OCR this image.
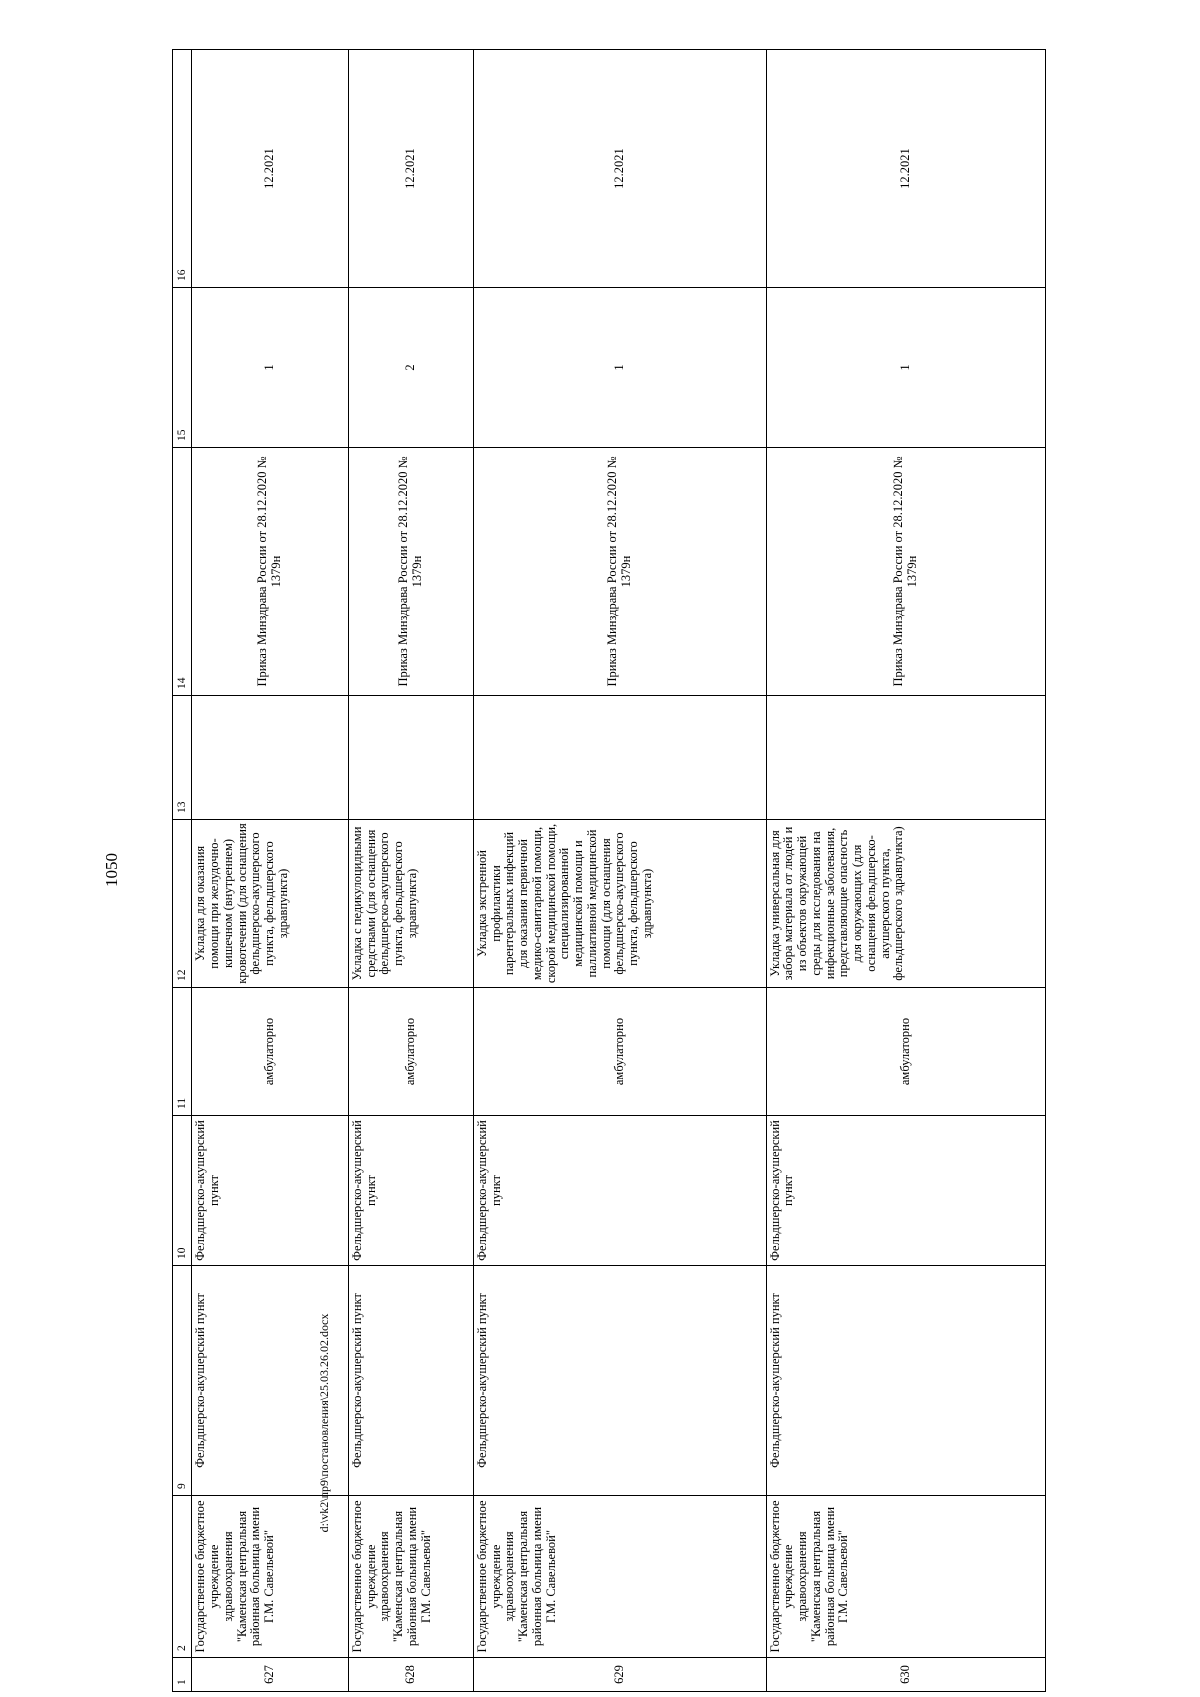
1050
1	2	9	10	11	12	13	14	15	16
627	Государственное бюджетное учреждение здравоохранения "Каменская центральная районная больница имени Г.М. Савельевой"	Фельдшерско-акушерский пункт	Фельдшерско-акушерский пункт	амбулаторно	Укладка для оказания помощи при желудочно-кишечном (внутреннем) кровотечении (для оснащения фельдшерско-акушерского пункта, фельдшерского здравпункта)		Приказ Минздрава России от 28.12.2020 № 1379н	1	12.2021
628	Государственное бюджетное учреждение здравоохранения "Каменская центральная районная больница имени Г.М. Савельевой"	Фельдшерско-акушерский пункт	Фельдшерско-акушерский пункт	амбулаторно	Укладка с педикулоцидными средствами (для оснащения фельдшерско-акушерского пункта, фельдшерского здравпункта)		Приказ Минздрава России от 28.12.2020 № 1379н	2	12.2021
629	Государственное бюджетное учреждение здравоохранения "Каменская центральная районная больница имени Г.М. Савельевой"	Фельдшерско-акушерский пункт	Фельдшерско-акушерский пункт	амбулаторно	Укладка экстренной профилактики парентеральных инфекций для оказания первичной медико-санитарной помощи, скорой медицинской помощи, специализированной медицинской помощи и паллиативной медицинской помощи (для оснащения фельдшерско-акушерского пункта, фельдшерского здравпункта)		Приказ Минздрава России от 28.12.2020 № 1379н	1	12.2021
630	Государственное бюджетное учреждение здравоохранения "Каменская центральная районная больница имени Г.М. Савельевой"	Фельдшерско-акушерский пункт	Фельдшерско-акушерский пункт	амбулаторно	Укладка универсальная для забора материала от людей и из объектов окружающей среды для исследования на инфекционные заболевания, представляющие опасность для окружающих (для оснащения фельдшерско-акушерского пункта, фельдшерского здравпункта)		Приказ Минздрава России от 28.12.2020 № 1379н	1	12.2021
d:\vk2\пр9\постановления\25.03.26.02.docx
